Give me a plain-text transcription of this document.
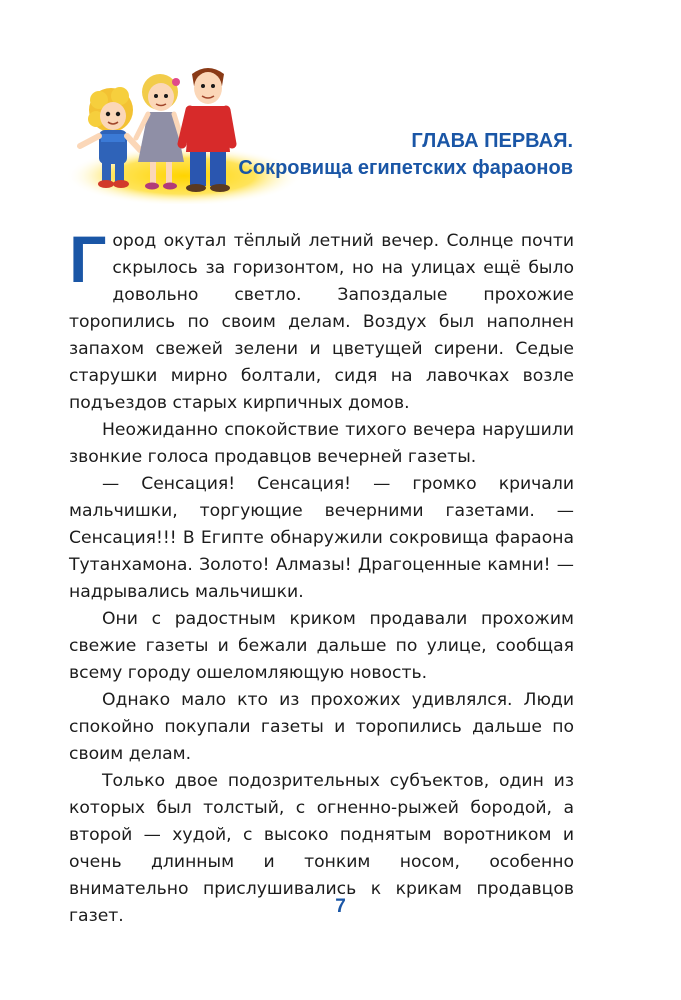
ГЛАВА ПЕРВАЯ.
Сокровища египетских фараонов

Город окутал тёплый летний вечер. Солнце почти скрылось за горизонтом, но на улицах ещё было довольно светло. Запоздалые прохожие торопились по своим делам. Воздух был наполнен запахом свежей зелени и цветущей сирени. Седые старушки мирно болтали, сидя на лавочках возле подъездов старых кирпичных домов.

Неожиданно спокойствие тихого вечера нарушили звонкие голоса продавцов вечерней газеты.

— Сенсация! Сенсация! — громко кричали мальчишки, торгующие вечерними газетами. — Сенсация!!! В Египте обнаружили сокровища фараона Тутанхамона. Золото! Алмазы! Драгоценные камни! — надрывались мальчишки.

Они с радостным криком продавали прохожим свежие газеты и бежали дальше по улице, сообщая всему городу ошеломляющую новость.

Однако мало кто из прохожих удивлялся. Люди спокойно покупали газеты и торопились дальше по своим делам.

Только двое подозрительных субъектов, один из которых был толстый, с огненно-рыжей бородой, а второй — худой, с высоко поднятым воротником и очень длинным и тонким носом, особенно внимательно прислушивались к крикам продавцов газет.	7
